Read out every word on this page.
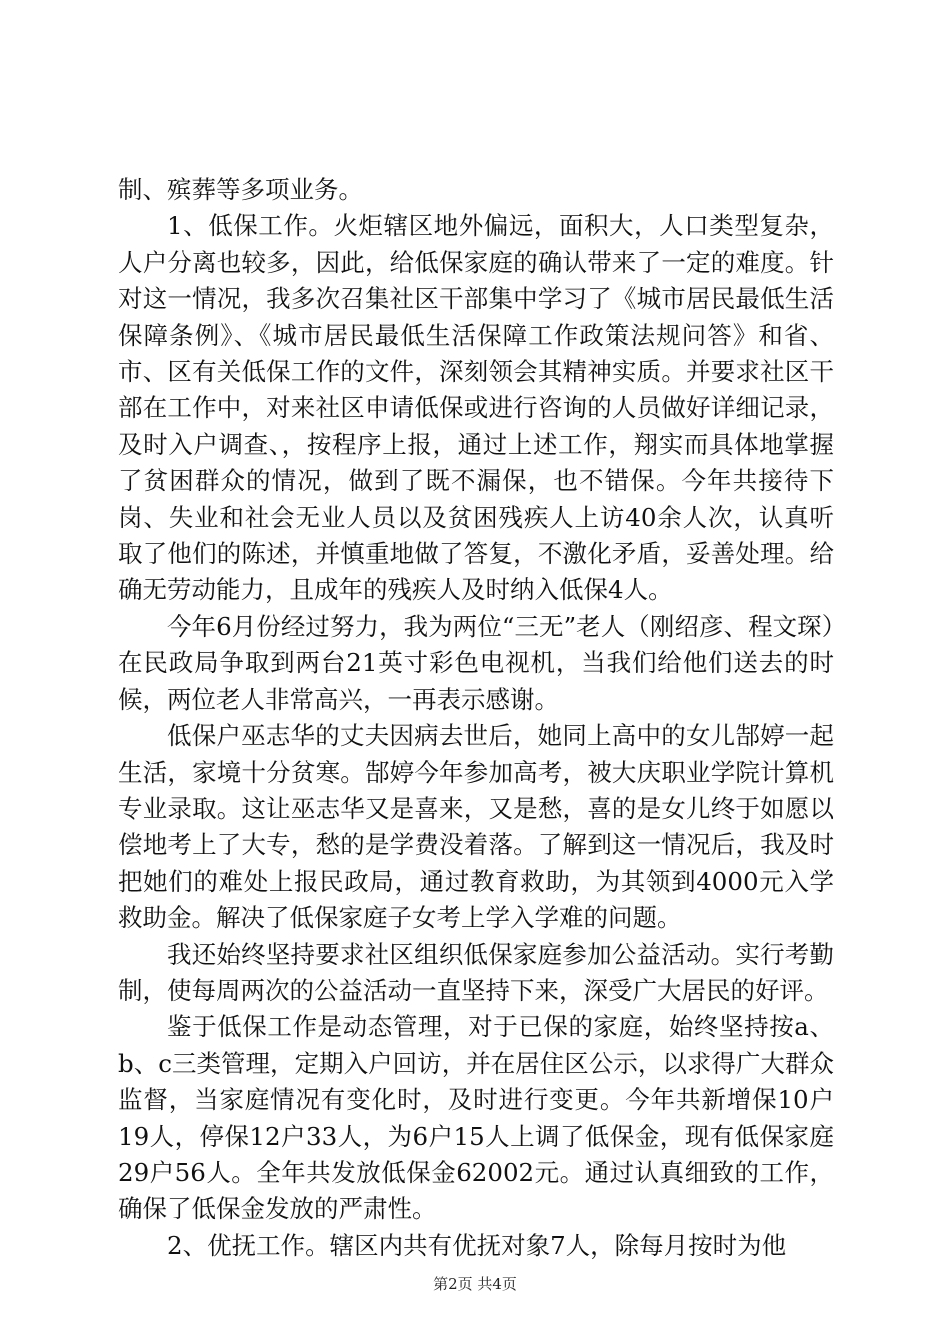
制、殡葬等多项业务。

1、低保工作。火炬辖区地外偏远，面积大，人口类型复杂，人户分离也较多，因此，给低保家庭的确认带来了一定的难度。针对这一情况，我多次召集社区干部集中学习了《城市居民最低生活保障条例》、《城市居民最低生活保障工作政策法规问答》和省、市、区有关低保工作的文件，深刻领会其精神实质。并要求社区干部在工作中，对来社区申请低保或进行咨询的人员做好详细记录，及时入户调查、，按程序上报，通过上述工作，翔实而具体地掌握了贫困群众的情况，做到了既不漏保，也不错保。今年共接待下岗、失业和社会无业人员以及贫困残疾人上访40余人次，认真听取了他们的陈述，并慎重地做了答复，不激化矛盾，妥善处理。给确无劳动能力，且成年的残疾人及时纳入低保4人。

今年6月份经过努力，我为两位“三无”老人（刚绍彦、程文琛）在民政局争取到两台21英寸彩色电视机，当我们给他们送去的时候，两位老人非常高兴，一再表示感谢。

低保户巫志华的丈夫因病去世后，她同上高中的女儿郜婷一起生活，家境十分贫寒。郜婷今年参加高考，被大庆职业学院计算机专业录取。这让巫志华又是喜来，又是愁，喜的是女儿终于如愿以偿地考上了大专，愁的是学费没着落。了解到这一情况后，我及时把她们的难处上报民政局，通过教育救助，为其领到4000元入学救助金。解决了低保家庭子女考上学入学难的问题。

我还始终坚持要求社区组织低保家庭参加公益活动。实行考勤制，使每周两次的公益活动一直坚持下来，深受广大居民的好评。

鉴于低保工作是动态管理，对于已保的家庭，始终坚持按a、b、c三类管理，定期入户回访，并在居住区公示，以求得广大群众监督，当家庭情况有变化时，及时进行变更。今年共新增保10户19人，停保12户33人，为6户15人上调了低保金，现有低保家庭29户56人。全年共发放低保金62002元。通过认真细致的工作，确保了低保金发放的严肃性。

2、优抚工作。辖区内共有优抚对象7人，除每月按时为他

第2页 共4页
